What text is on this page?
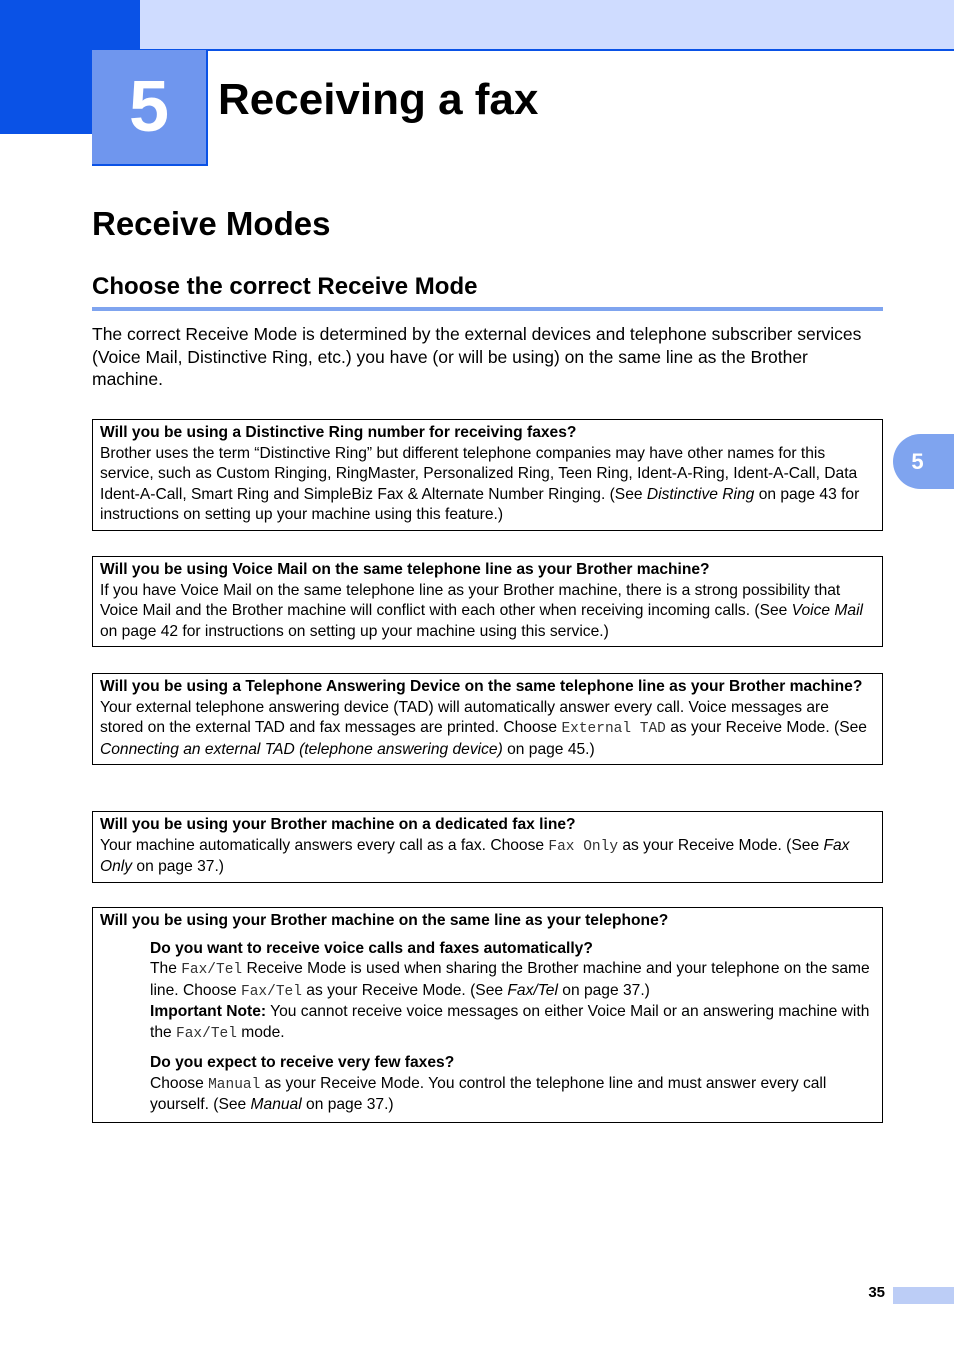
5	Receiving a fax
Receive Modes
Choose the correct Receive Mode

The correct Receive Mode is determined by the external devices and telephone subscriber services (Voice Mail, Distinctive Ring, etc.) you have (or will be using) on the same line as the Brother machine.

Will you be using a Distinctive Ring number for receiving faxes?

Brother uses the term “Distinctive Ring” but different telephone companies may have other names for this service, such as Custom Ringing, RingMaster, Personalized Ring, Teen Ring, Ident-A-Ring, Ident-A-Call, Data Ident-A-Call, Smart Ring and SimpleBiz Fax & Alternate Number Ringing. (See Distinctive Ring on page 43 for instructions on setting up your machine using this feature.)

Will you be using Voice Mail on the same telephone line as your Brother machine?

If you have Voice Mail on the same telephone line as your Brother machine, there is a strong possibility that Voice Mail and the Brother machine will conflict with each other when receiving incoming calls. (See Voice Mail on page 42 for instructions on setting up your machine using this service.)

Will you be using a Telephone Answering Device on the same telephone line as your Brother machine?

Your external telephone answering device (TAD) will automatically answer every call. Voice messages are stored on the external TAD and fax messages are printed. Choose External TAD as your Receive Mode. (See Connecting an external TAD (telephone answering device) on page 45.)

Will you be using your Brother machine on a dedicated fax line?

Your machine automatically answers every call as a fax. Choose Fax Only as your Receive Mode. (See Fax Only on page 37.)

Will you be using your Brother machine on the same line as your telephone?

Do you want to receive voice calls and faxes automatically?

The Fax/Tel Receive Mode is used when sharing the Brother machine and your telephone on the same line. Choose Fax/Tel as your Receive Mode. (See Fax/Tel on page 37.)
Important Note: You cannot receive voice messages on either Voice Mail or an answering machine with the Fax/Tel mode.

Do you expect to receive very few faxes?

Choose Manual as your Receive Mode. You control the telephone line and must answer every call yourself. (See Manual on page 37.)

5
35
